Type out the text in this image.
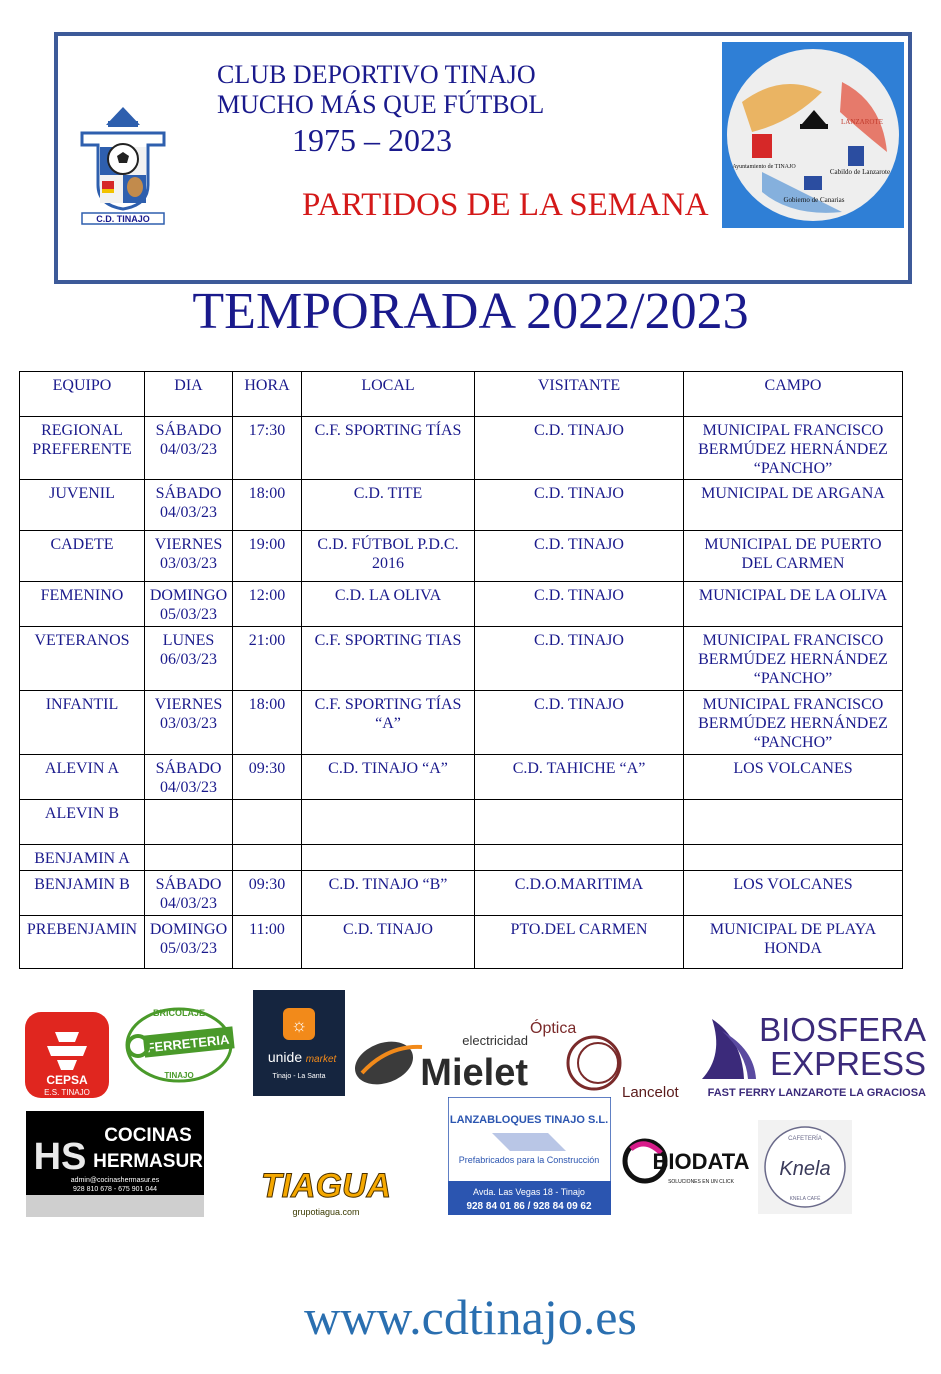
C.D. TINAJO
CLUB DEPORTIVO TINAJO
MUCHO MÁS QUE FÚTBOL
1975 – 2023
PARTIDOS DE LA SEMANA
Ayuntamiento de TINAJO
Cabildo de Lanzarote
Gobierno de Canarias
LANZAROTE
TEMPORADA 2022/2023
EQUIPO	DIA	HORA	LOCAL	VISITANTE	CAMPO
REGIONAL PREFERENTE	SÁBADO 04/03/23	17:30	C.F. SPORTING TÍAS	C.D. TINAJO	MUNICIPAL FRANCISCO BERMÚDEZ HERNÁNDEZ “PANCHO”
JUVENIL	SÁBADO 04/03/23	18:00	C.D. TITE	C.D. TINAJO	MUNICIPAL DE ARGANA
CADETE	VIERNES 03/03/23	19:00	C.D. FÚTBOL P.D.C. 2016	C.D. TINAJO	MUNICIPAL DE PUERTO DEL CARMEN
FEMENINO	DOMINGO 05/03/23	12:00	C.D. LA OLIVA	C.D. TINAJO	MUNICIPAL DE LA OLIVA
VETERANOS	LUNES 06/03/23	21:00	C.F. SPORTING TIAS	C.D. TINAJO	MUNICIPAL FRANCISCO BERMÚDEZ HERNÁNDEZ “PANCHO”
INFANTIL	VIERNES 03/03/23	18:00	C.F. SPORTING TÍAS “A”	C.D. TINAJO	MUNICIPAL FRANCISCO BERMÚDEZ HERNÁNDEZ “PANCHO”
ALEVIN A	SÁBADO 04/03/23	09:30	C.D. TINAJO “A”	C.D. TAHICHE “A”	LOS VOLCANES
ALEVIN B					
BENJAMIN A					
BENJAMIN B	SÁBADO 04/03/23	09:30	C.D. TINAJO “B”	C.D.O.MARITIMA	LOS VOLCANES
PREBENJAMIN	DOMINGO 05/03/23	11:00	C.D. TINAJO	PTO.DEL CARMEN	MUNICIPAL DE PLAYA HONDA
CEPSA
E.S. TINAJO
BRICOLAJE
FERRETERIA
TINAJO
☼
unide market
Tinajo - La Santa
electricidad
Mielet
Óptica
Lancelot
BIOSFERA
EXPRESS
FAST FERRY LANZAROTE LA GRACIOSA
HS
COCINAS
HERMASUR
admin@cocinashermasur.es
928 810 678 - 675 901 044	TIAGUA
grupotiagua.com
LANZABLOQUES TINAJO S.L.
Prefabricados para la Construcción
Avda. Las Vegas 18 - Tinajo
928 84 01 86 / 928 84 09 62
BIODATA
SOLUCIONES EN UN CLICK
CAFETERÍA
Knela
KNELA CAFÉ
www.cdtinajo.es
